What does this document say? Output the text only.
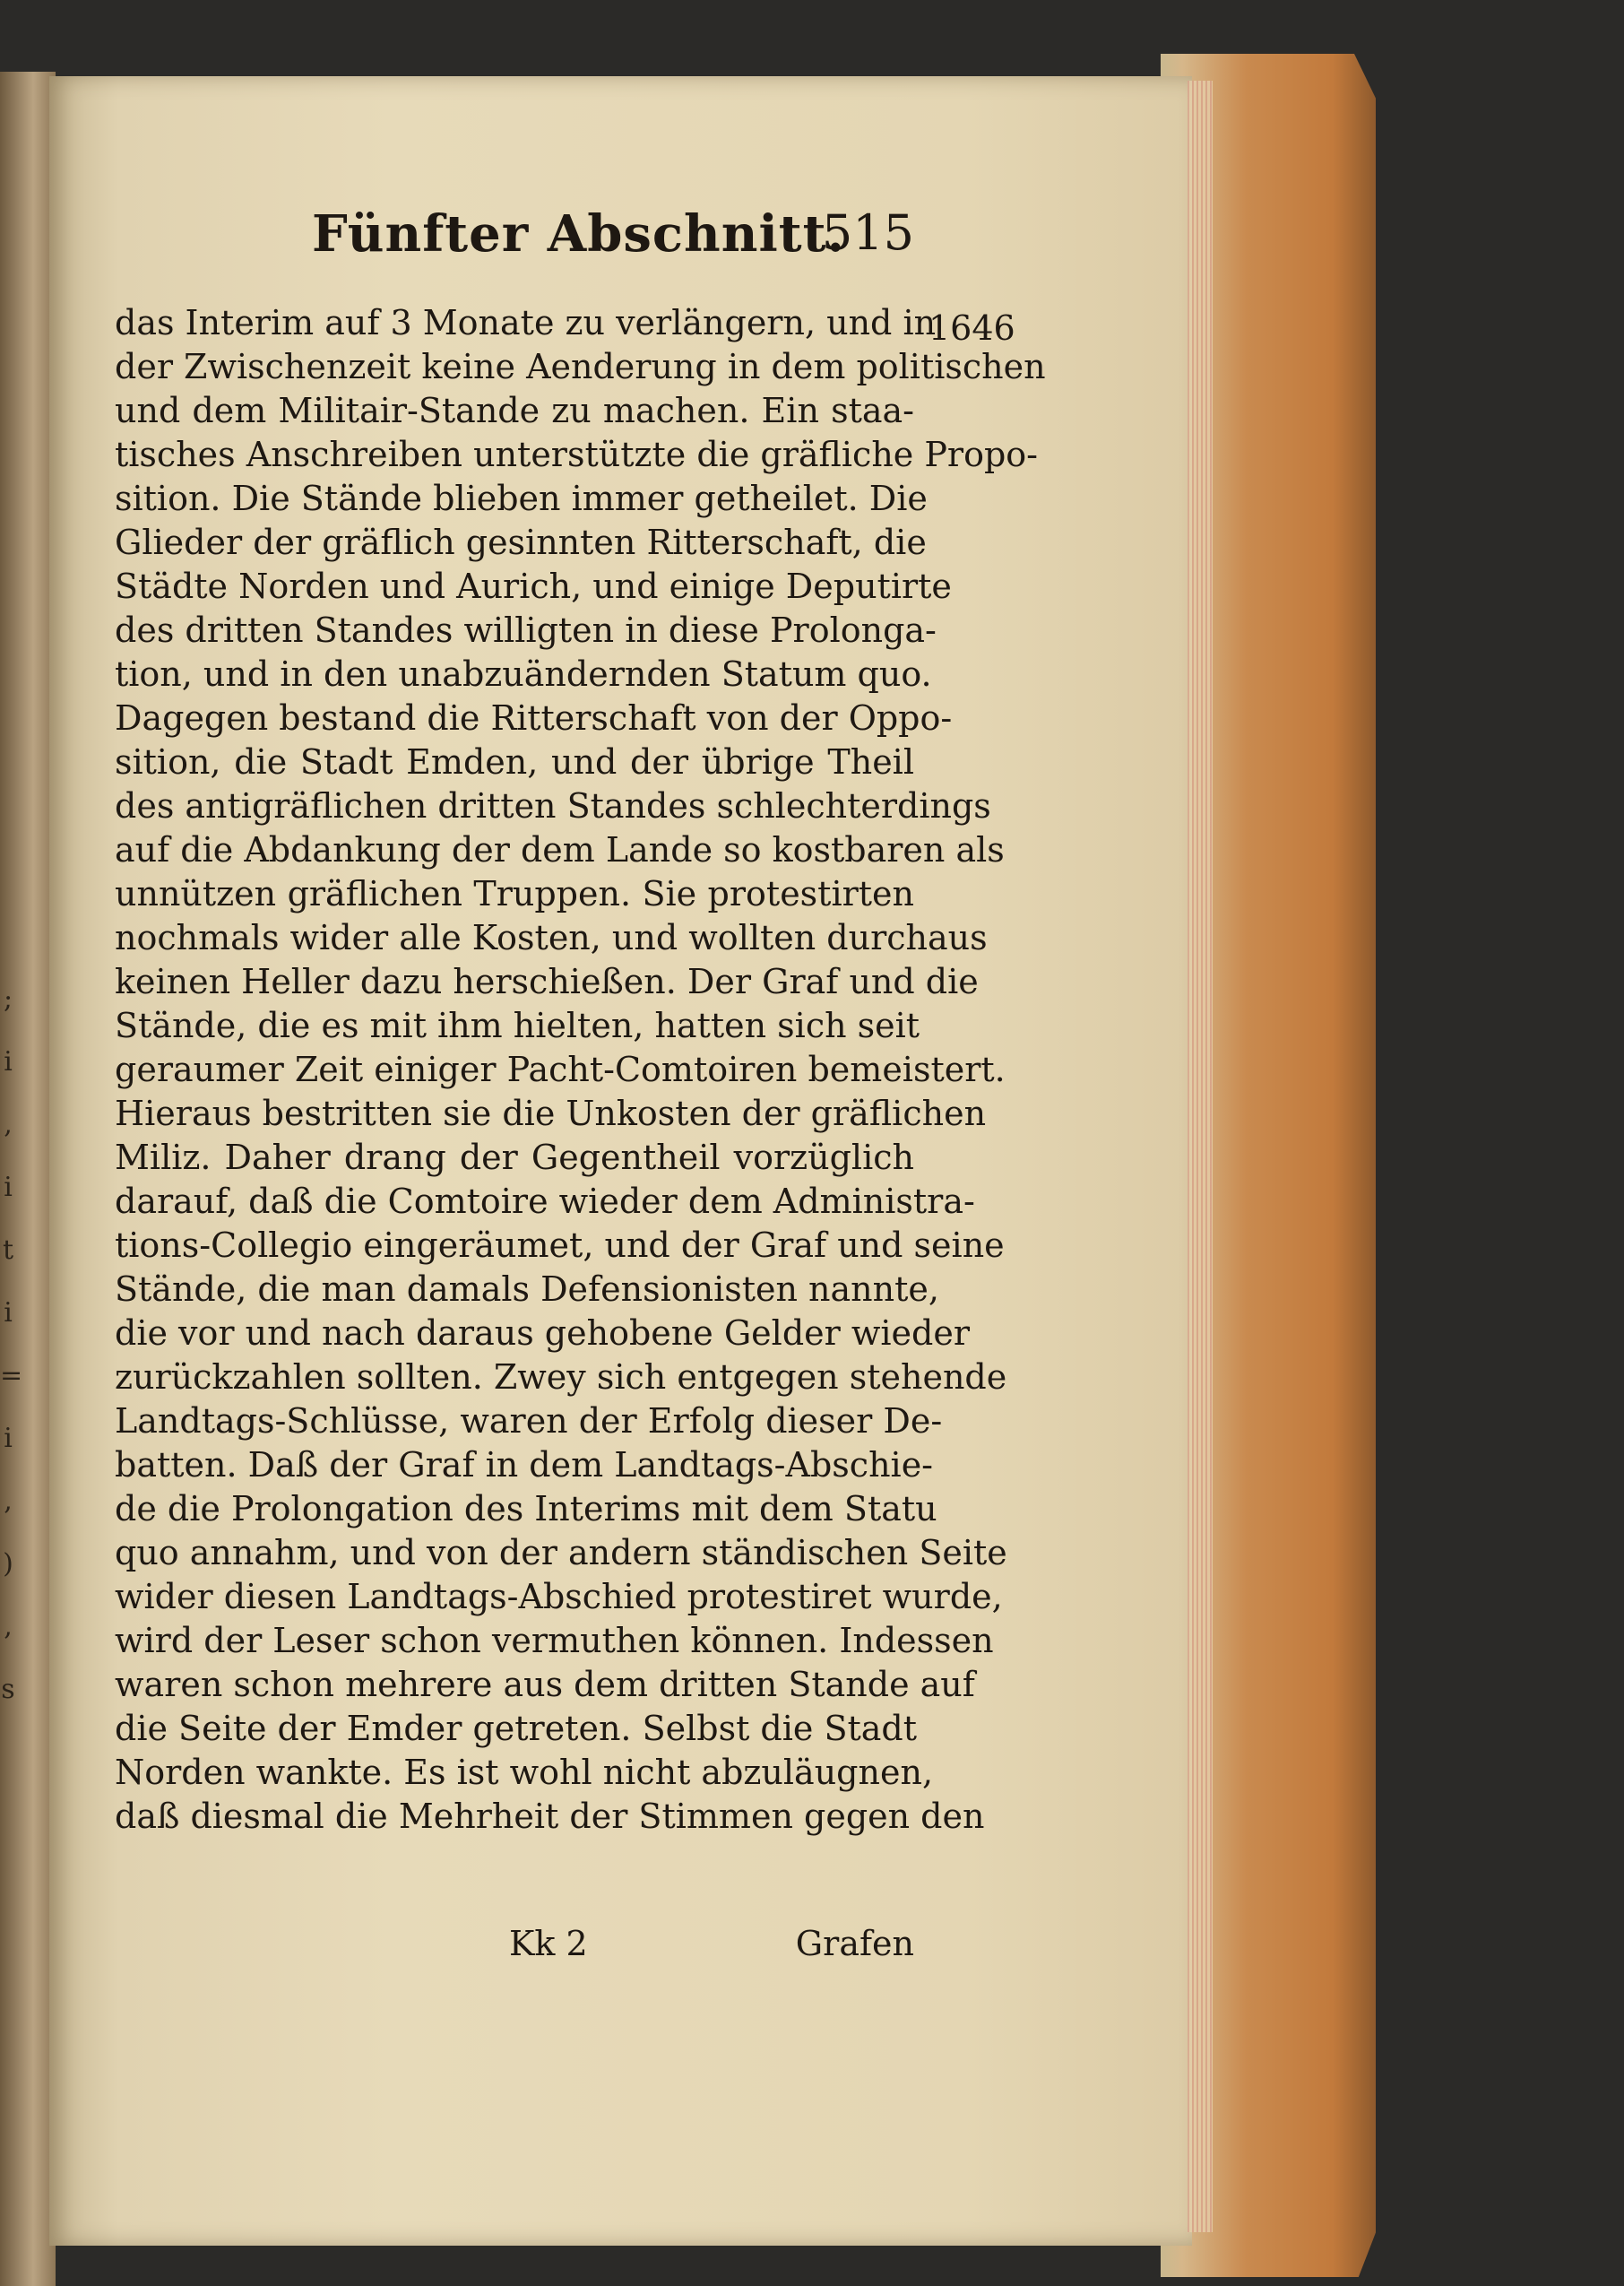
;
i
,
i
t
i
=
i
,
)
,
s
Fünfter Abschnitt.
515
1646
das Interim auf 3 Monate zu verlängern, und in
der Zwischenzeit keine Aenderung in dem politischen
und dem Militair-Stande zu machen. Ein staa-
tisches Anschreiben unterstützte die gräfliche Propo-
sition. Die Stände blieben immer getheilet. Die
Glieder der gräflich gesinnten Ritterschaft, die
Städte Norden und Aurich, und einige Deputirte
des dritten Standes willigten in diese Prolonga-
tion, und in den unabzuändernden Statum quo.
Dagegen bestand die Ritterschaft von der Oppo-
sition, die Stadt Emden, und der übrige Theil
des antigräflichen dritten Standes schlechterdings
auf die Abdankung der dem Lande so kostbaren als
unnützen gräflichen Truppen. Sie protestirten
nochmals wider alle Kosten, und wollten durchaus
keinen Heller dazu herschießen. Der Graf und die
Stände, die es mit ihm hielten, hatten sich seit
geraumer Zeit einiger Pacht-Comtoiren bemeistert.
Hieraus bestritten sie die Unkosten der gräflichen
Miliz. Daher drang der Gegentheil vorzüglich
darauf, daß die Comtoire wieder dem Administra-
tions-Collegio eingeräumet, und der Graf und seine
Stände, die man damals Defensionisten nannte,
die vor und nach daraus gehobene Gelder wieder
zurückzahlen sollten. Zwey sich entgegen stehende
Landtags-Schlüsse, waren der Erfolg dieser De-
batten. Daß der Graf in dem Landtags-Abschie-
de die Prolongation des Interims mit dem Statu
quo annahm, und von der andern ständischen Seite
wider diesen Landtags-Abschied protestiret wurde,
wird der Leser schon vermuthen können. Indessen
waren schon mehrere aus dem dritten Stande auf
die Seite der Emder getreten. Selbst die Stadt
Norden wankte. Es ist wohl nicht abzuläugnen,
daß diesmal die Mehrheit der Stimmen gegen den
Kk 2	Grafen
